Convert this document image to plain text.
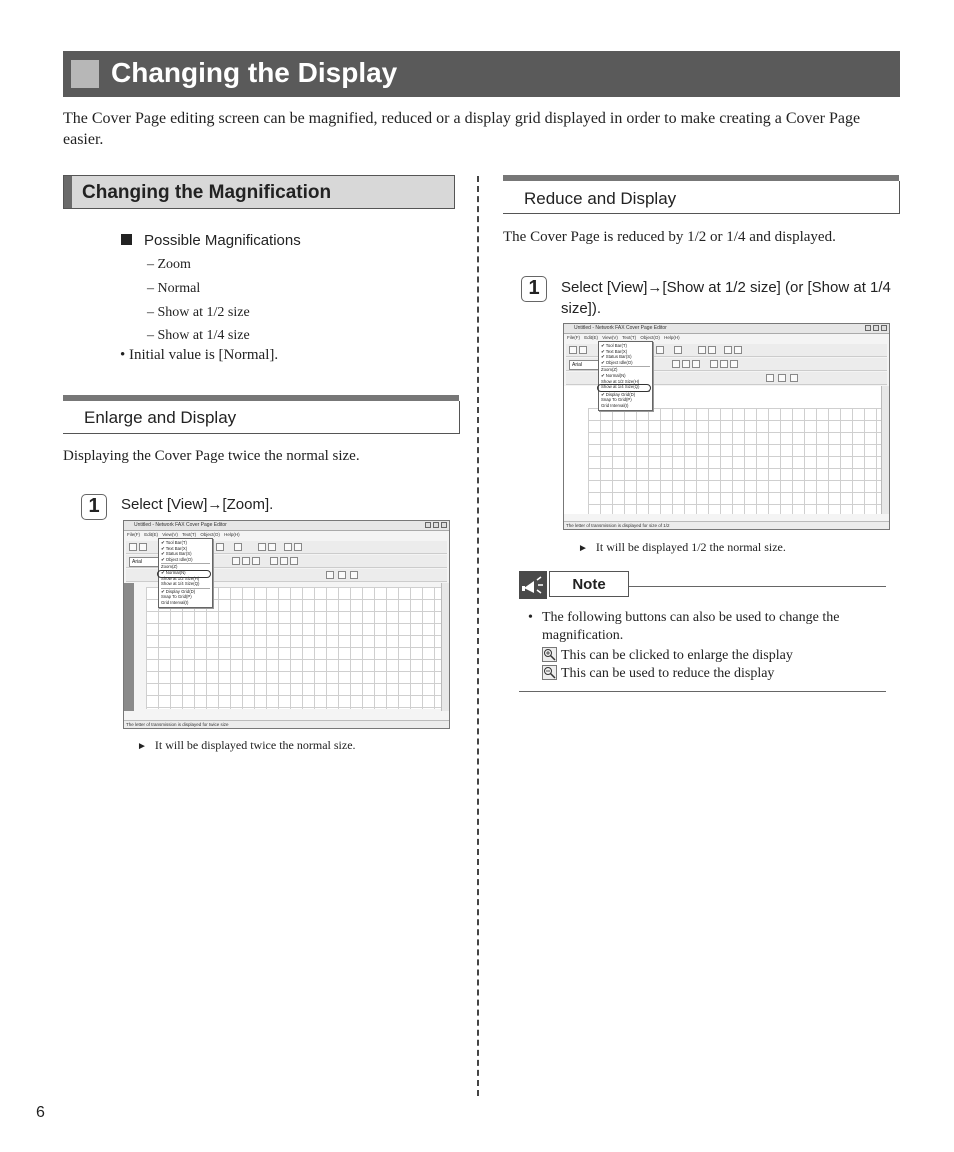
Changing the Display
The Cover Page editing screen can be magnified, reduced or a display grid displayed in order to make creating a Cover Page easier.
Changing the Magnification
Possible Magnifications
– Zoom
– Normal
– Show at 1/2 size
– Show at 1/4 size
• Initial value is [Normal].
Enlarge and Display
Displaying the Cover Page twice the normal size.
1	Select [View]→[Zoom].
Untitled - Network FAX Cover Page Editor
File(F) Edit(E) View(V) Text(T) Object(O) Help(H)
Arial
The letter of transmission is displayed for twice size
✔ Tool Bar(T)
✔ Text Bar(X)
✔ Status Bar(S)
✔ Object Idle(O)
Zoom(Z)
✔ Normal(N)
Show at 1/2 Size(H)
Show at 1/4 Size(Q)
✔ Display Grid(D)
Snap To Grid(P)
Grid Interval(I)
► It will be displayed twice the normal size.
Reduce and Display
The Cover Page is reduced by 1/2 or 1/4 and displayed.
1	Select [View]→[Show at 1/2 size] (or [Show at 1/4 size]).
Untitled - Network FAX Cover Page Editor
File(F) Edit(E) View(V) Text(T) Object(O) Help(H)
Arial
The letter of transmission is displayed for size of 1/2
✔ Tool Bar(T)
✔ Text Bar(X)
✔ Status Bar(S)
✔ Object Idle(O)
Zoom(Z)
✔ Normal(N)
Show at 1/2 Size(H)
Show at 1/4 Size(Q)
✔ Display Grid(D)
Snap To Grid(P)
Grid Interval(I)
► It will be displayed 1/2 the normal size.
Note
• The following buttons can also be used to change the magnification.
This can be clicked to enlarge the display
This can be used to reduce the display
6
